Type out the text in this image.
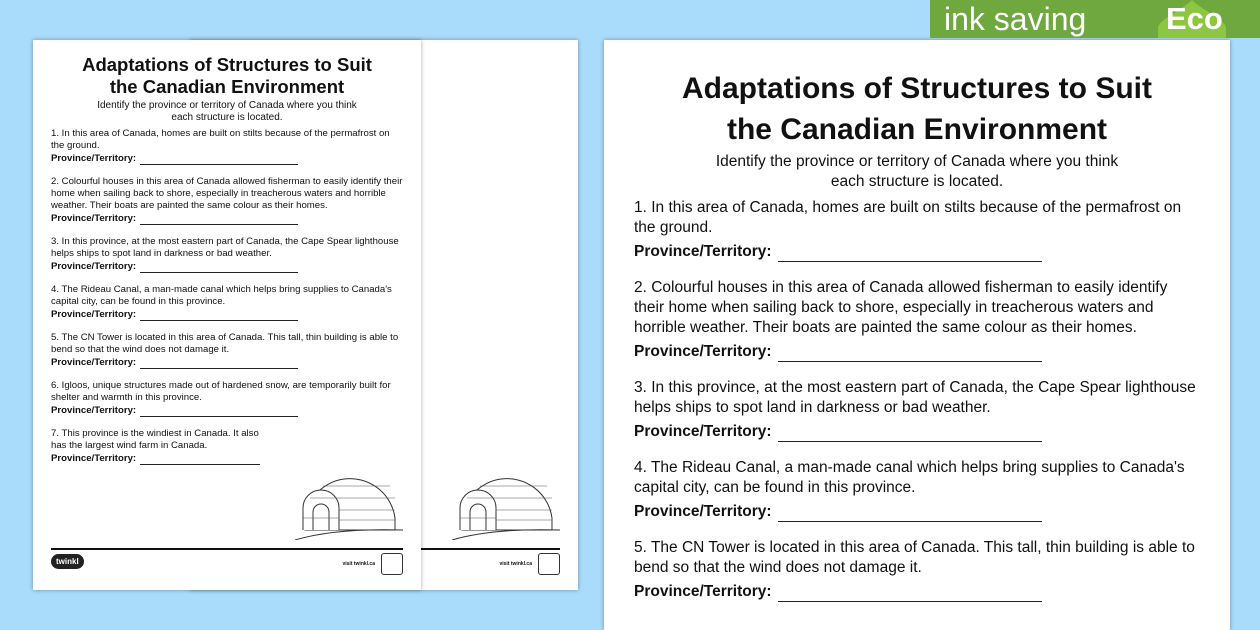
visit twinkl.ca
Adaptations of Structures to Suit
the Canadian Environment
Identify the province or territory of Canada where you think
each structure is located.
1. In this area of Canada, homes are built on stilts because of the permafrost on the ground.
Province/Territory:
2. Colourful houses in this area of Canada allowed fisherman to easily identify their home when sailing back to shore, especially in treacherous waters and horrible weather. Their boats are painted the same colour as their homes.
Province/Territory:
3. In this province, at the most eastern part of Canada, the Cape Spear lighthouse helps ships to spot land in darkness or bad weather.
Province/Territory:
4. The Rideau Canal, a man-made canal which helps bring supplies to Canada's capital city, can be found in this province.
Province/Territory:
5. The CN Tower is located in this area of Canada. This tall, thin building is able to bend so that the wind does not damage it.
Province/Territory:
6. Igloos, unique structures made out of hardened snow, are temporarily built for shelter and warmth in this province.
Province/Territory:
7. This province is the windiest in Canada. It also has the largest wind farm in Canada.
Province/Territory:
twinkl	visit twinkl.ca
Adaptations of Structures to Suit
the Canadian Environment
Identify the province or territory of Canada where you think
each structure is located.
1. In this area of Canada, homes are built on stilts because of the permafrost on the ground.
Province/Territory:
2. Colourful houses in this area of Canada allowed fisherman to easily identify their home when sailing back to shore, especially in treacherous waters and horrible weather. Their boats are painted the same colour as their homes.
Province/Territory:
3. In this province, at the most eastern part of Canada, the Cape Spear lighthouse helps ships to spot land in darkness or bad weather.
Province/Territory:
4. The Rideau Canal, a man-made canal which helps bring supplies to Canada's capital city, can be found in this province.
Province/Territory:
5. The CN Tower is located in this area of Canada. This tall, thin building is able to bend so that the wind does not damage it.
Province/Territory:
ink saving	Eco
